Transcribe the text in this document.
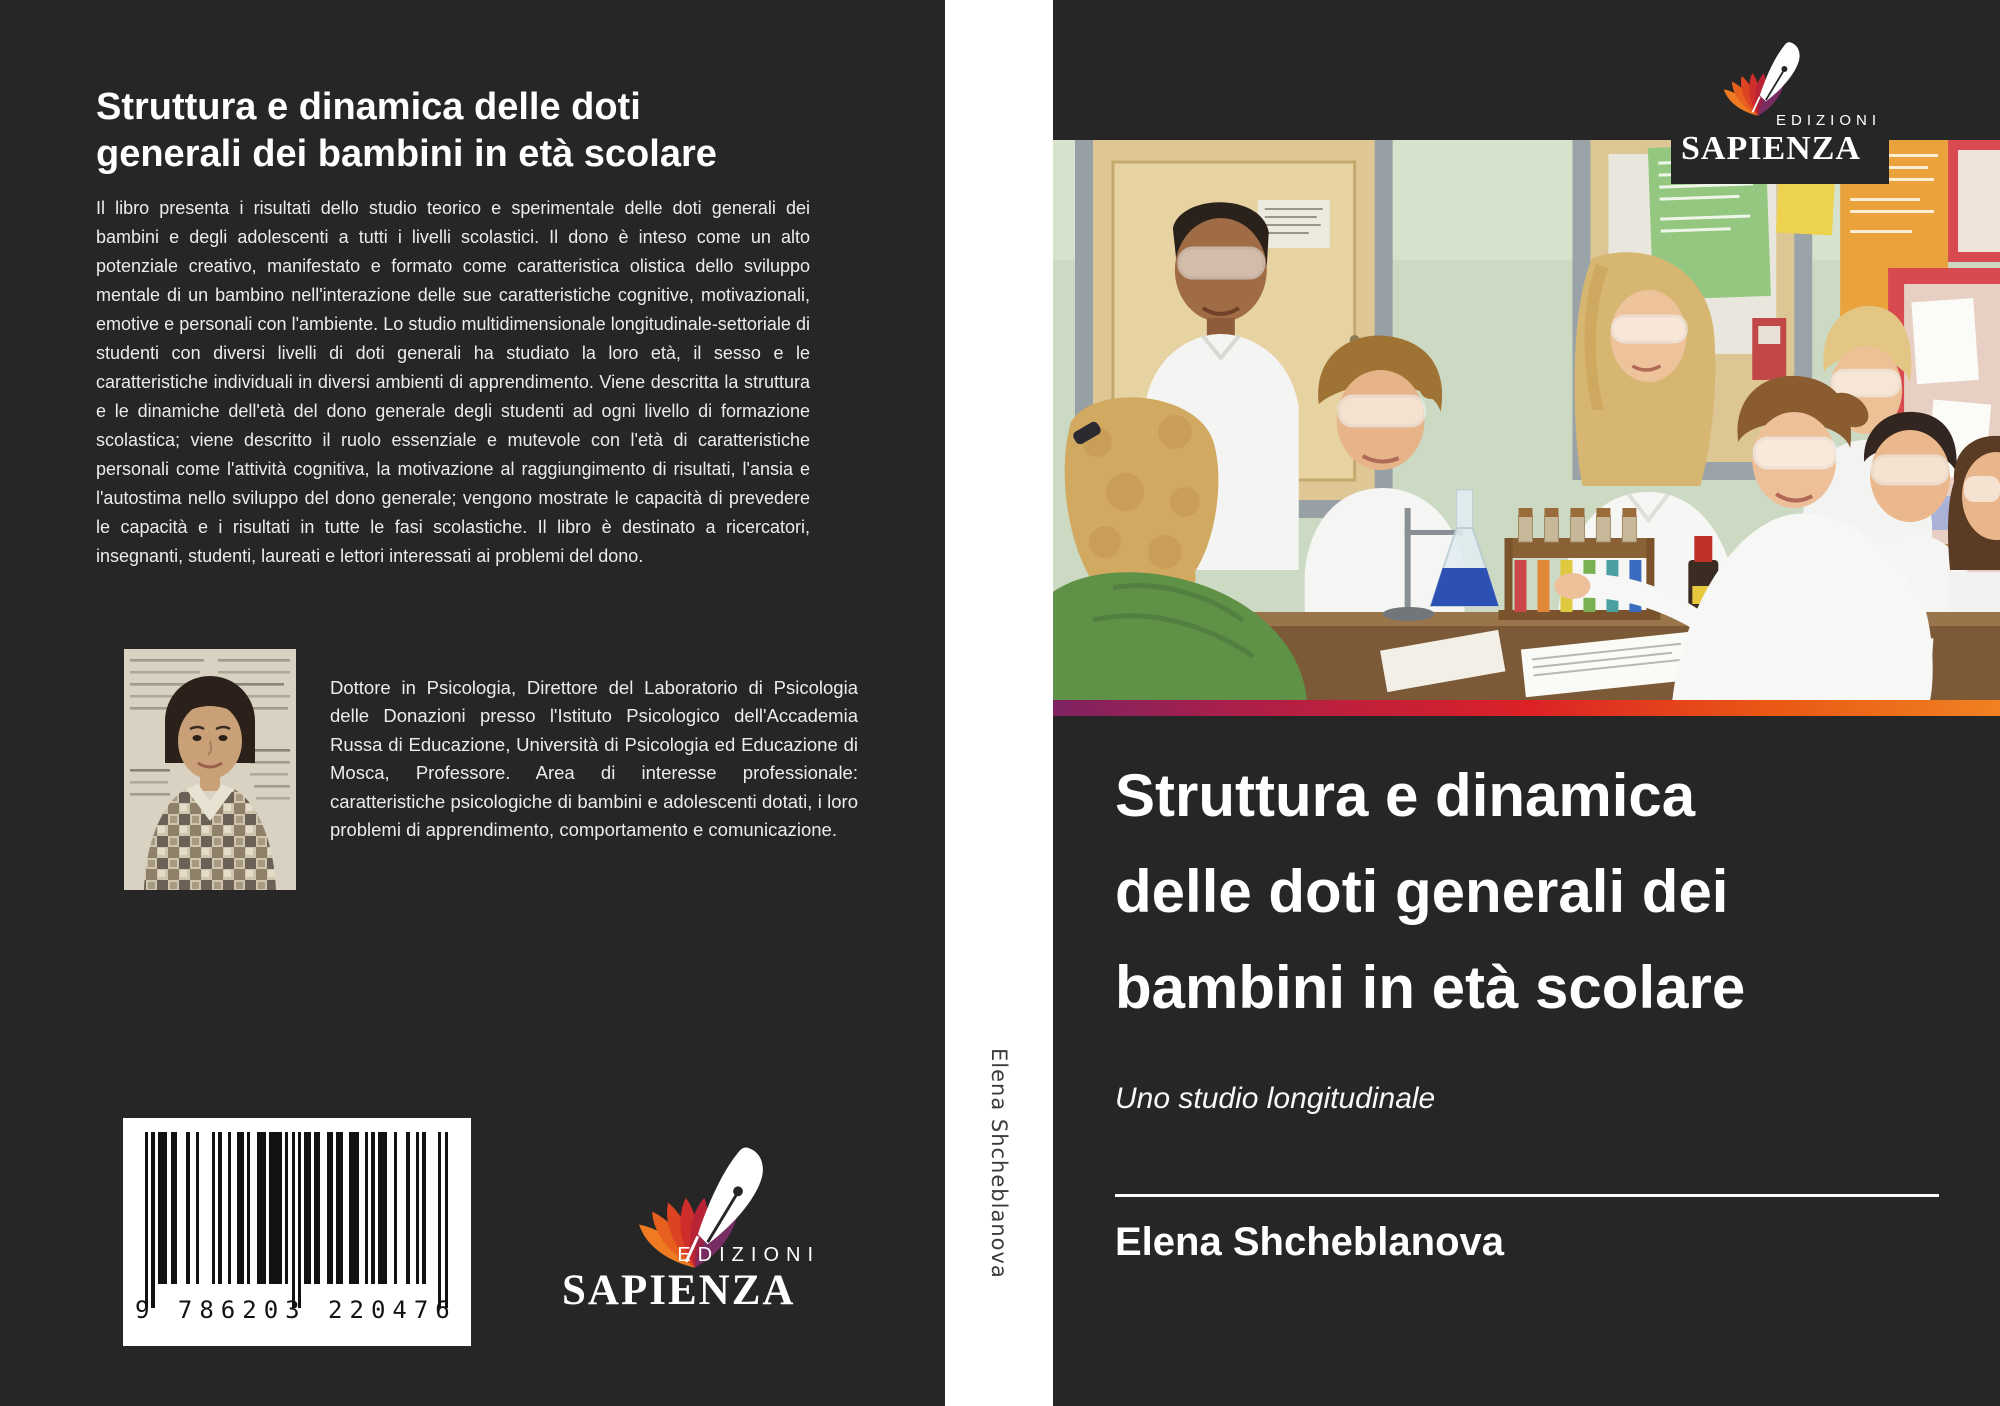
Struttura e dinamica delle doti
generali dei bambini in età scolare

Il libro presenta i risultati dello studio teorico e sperimentale delle doti generali dei bambini e degli adolescenti a tutti i livelli scolastici. Il dono è inteso come un alto potenziale creativo, manifestato e formato come caratteristica olistica dello sviluppo mentale di un bambino nell'interazione delle sue caratteristiche cognitive, motivazionali, emotive e personali con l'ambiente. Lo studio multidimensionale longitudinale-settoriale di studenti con diversi livelli di doti generali ha studiato la loro età, il sesso e le caratteristiche individuali in diversi ambienti di apprendimento. Viene descritta la struttura e le dinamiche dell'età del dono generale degli studenti ad ogni livello di formazione scolastica; viene descritto il ruolo essenziale e mutevole con l'età di caratteristiche personali come l'attività cognitiva, la motivazione al raggiungimento di risultati, l'ansia e l'autostima nello sviluppo del dono generale; vengono mostrate le capacità di prevedere le capacità e i risultati in tutte le fasi scolastiche. Il libro è destinato a ricercatori, insegnanti, studenti, laureati e lettori interessati ai problemi del dono.

Dottore in Psicologia, Direttore del Laboratorio di Psicologia delle Donazioni presso l'Istituto Psicologico dell'Accademia Russa di Educazione, Università di Psicologia ed Educazione di Mosca, Professore. Area di interesse professionale: caratteristiche psicologiche di bambini e adolescenti dotati, i loro problemi di apprendimento, comportamento e comunicazione.

9 786203 220476
EDIZIONI
SAPIENZA
Elena Shcheblanova
EDIZIONI
SAPIENZA
Struttura e dinamica
delle doti generali dei
bambini in età scolare
Uno studio longitudinale
Elena Shcheblanova
